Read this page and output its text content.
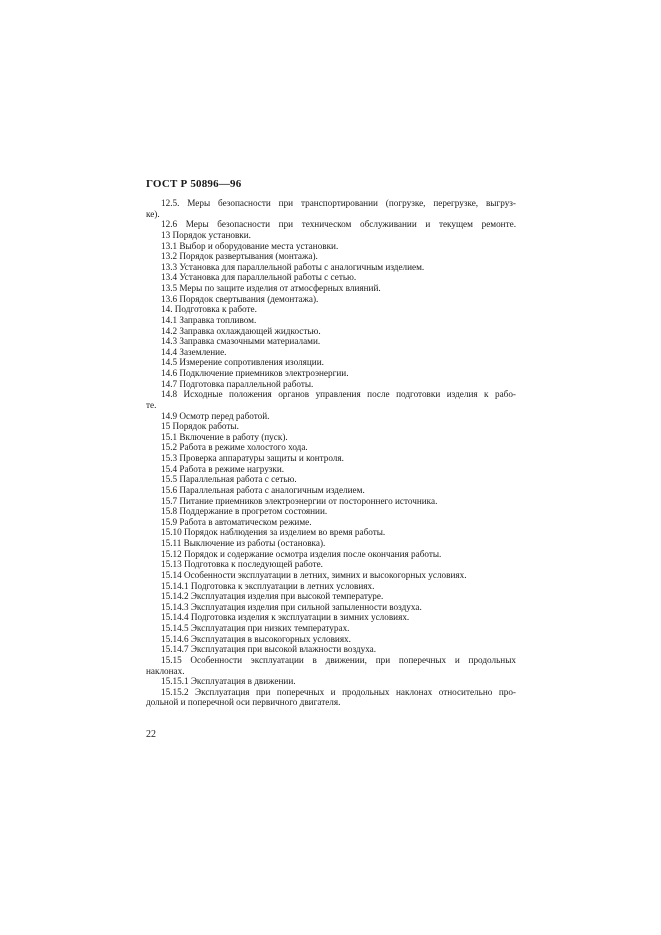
ГОСТ Р 50896—96
12.5. Меры безопасности при транспортировании (погрузке, перегрузке, выгруз-
ке).
12.6 Меры безопасности при техническом обслуживании и текущем ремонте.
13 Порядок установки.
13.1 Выбор и оборудование места установки.
13.2 Порядок развертывания (монтажа).
13.3 Установка для параллельной работы с аналогичным изделием.
13.4 Установка для параллельной работы с сетью.
13.5 Меры по защите изделия от атмосферных влияний.
13.6 Порядок свертывания (демонтажа).
14. Подготовка к работе.
14.1 Заправка топливом.
14.2 Заправка охлаждающей жидкостью.
14.3 Заправка смазочными материалами.
14.4 Заземление.
14.5 Измерение сопротивления изоляции.
14.6 Подключение приемников электроэнергии.
14.7 Подготовка параллельной работы.
14.8 Исходные положения органов управления после подготовки изделия к рабо-
те.
14.9 Осмотр перед работой.
15 Порядок работы.
15.1 Включение в работу (пуск).
15.2 Работа в режиме холостого хода.
15.3 Проверка аппаратуры защиты и контроля.
15.4 Работа в режиме нагрузки.
15.5 Параллельная работа с сетью.
15.6 Параллельная работа с аналогичным изделием.
15.7 Питание приемников электроэнергии от постороннего источника.
15.8 Поддержание в прогретом состоянии.
15.9 Работа в автоматическом режиме.
15.10 Порядок наблюдения за изделием во время работы.
15.11 Выключение из работы (остановка).
15.12 Порядок и содержание осмотра изделия после окончания работы.
15.13 Подготовка к последующей работе.
15.14 Особенности эксплуатации в летних, зимних и высокогорных условиях.
15.14.1 Подготовка к эксплуатации в летних условиях.
15.14.2 Эксплуатация изделия при высокой температуре.
15.14.3 Эксплуатация изделия при сильной запыленности воздуха.
15.14.4 Подготовка изделия к эксплуатации в зимних условиях.
15.14.5 Эксплуатация при низких температурах.
15.14.6 Эксплуатация в высокогорных условиях.
15.14.7 Эксплуатация при высокой влажности воздуха.
15.15 Особенности эксплуатации в движении, при поперечных и продольных
наклонах.
15.15.1 Эксплуатация в движении.
15.15.2 Эксплуатация при поперечных и продольных наклонах относительно про-
дольной и поперечной оси первичного двигателя.
22
